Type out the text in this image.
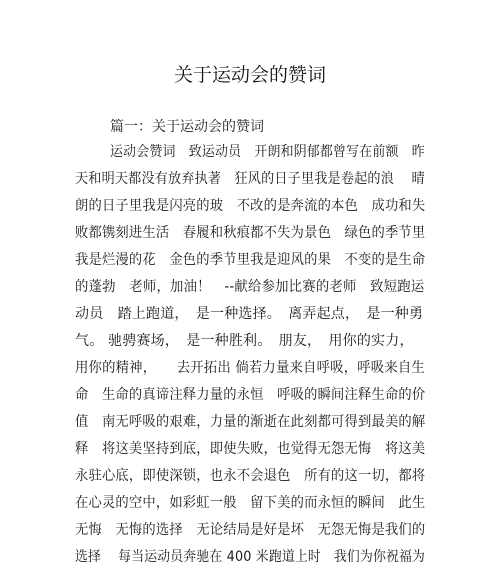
关于运动会的赞词
篇一：关于运动会的赞词
运动会赞词　致运动员　开朗和阴郁都曾写在前额　昨
天和明天都没有放弃执著　狂风的日子里我是卷起的浪　 晴
朗的日子里我是闪亮的玻　不改的是奔流的本色　成功和失
败都镌刻进生活　春履和秋痕都不失为景色　绿色的季节里
我是烂漫的花　金色的季节里我是迎风的果　不变的是生命
的蓬勃　老师，加油！　--献给参加比赛的老师　致短跑运
动员　踏上跑道，　是一种选择。　离弄起点，　是一种勇
气。 驰骋赛场，　是一种胜利。　朋友，　用你的实力，
用你的精神，　　去开拓出 倘若力量来自呼吸，呼吸来自生
命　生命的真谛注释力量的永恒　呼吸的瞬间注释生命的价
值　南无呼吸的艰难，力量的渐逝在此刻都可得到最美的解
释　将这美坚持到底，即使失败，也觉得无怨无悔　将这美
永驻心底，即使深锁，也永不会退色　所有的这一切，都将
在心灵的空中，如彩虹一般　留下美的而永恒的瞬间　此生
无悔　无悔的选择　无论结局是好是坏　无怨无悔是我们的
选择　 每当运动员奔驰在 400 米跑道上时　我们为你祝福为
